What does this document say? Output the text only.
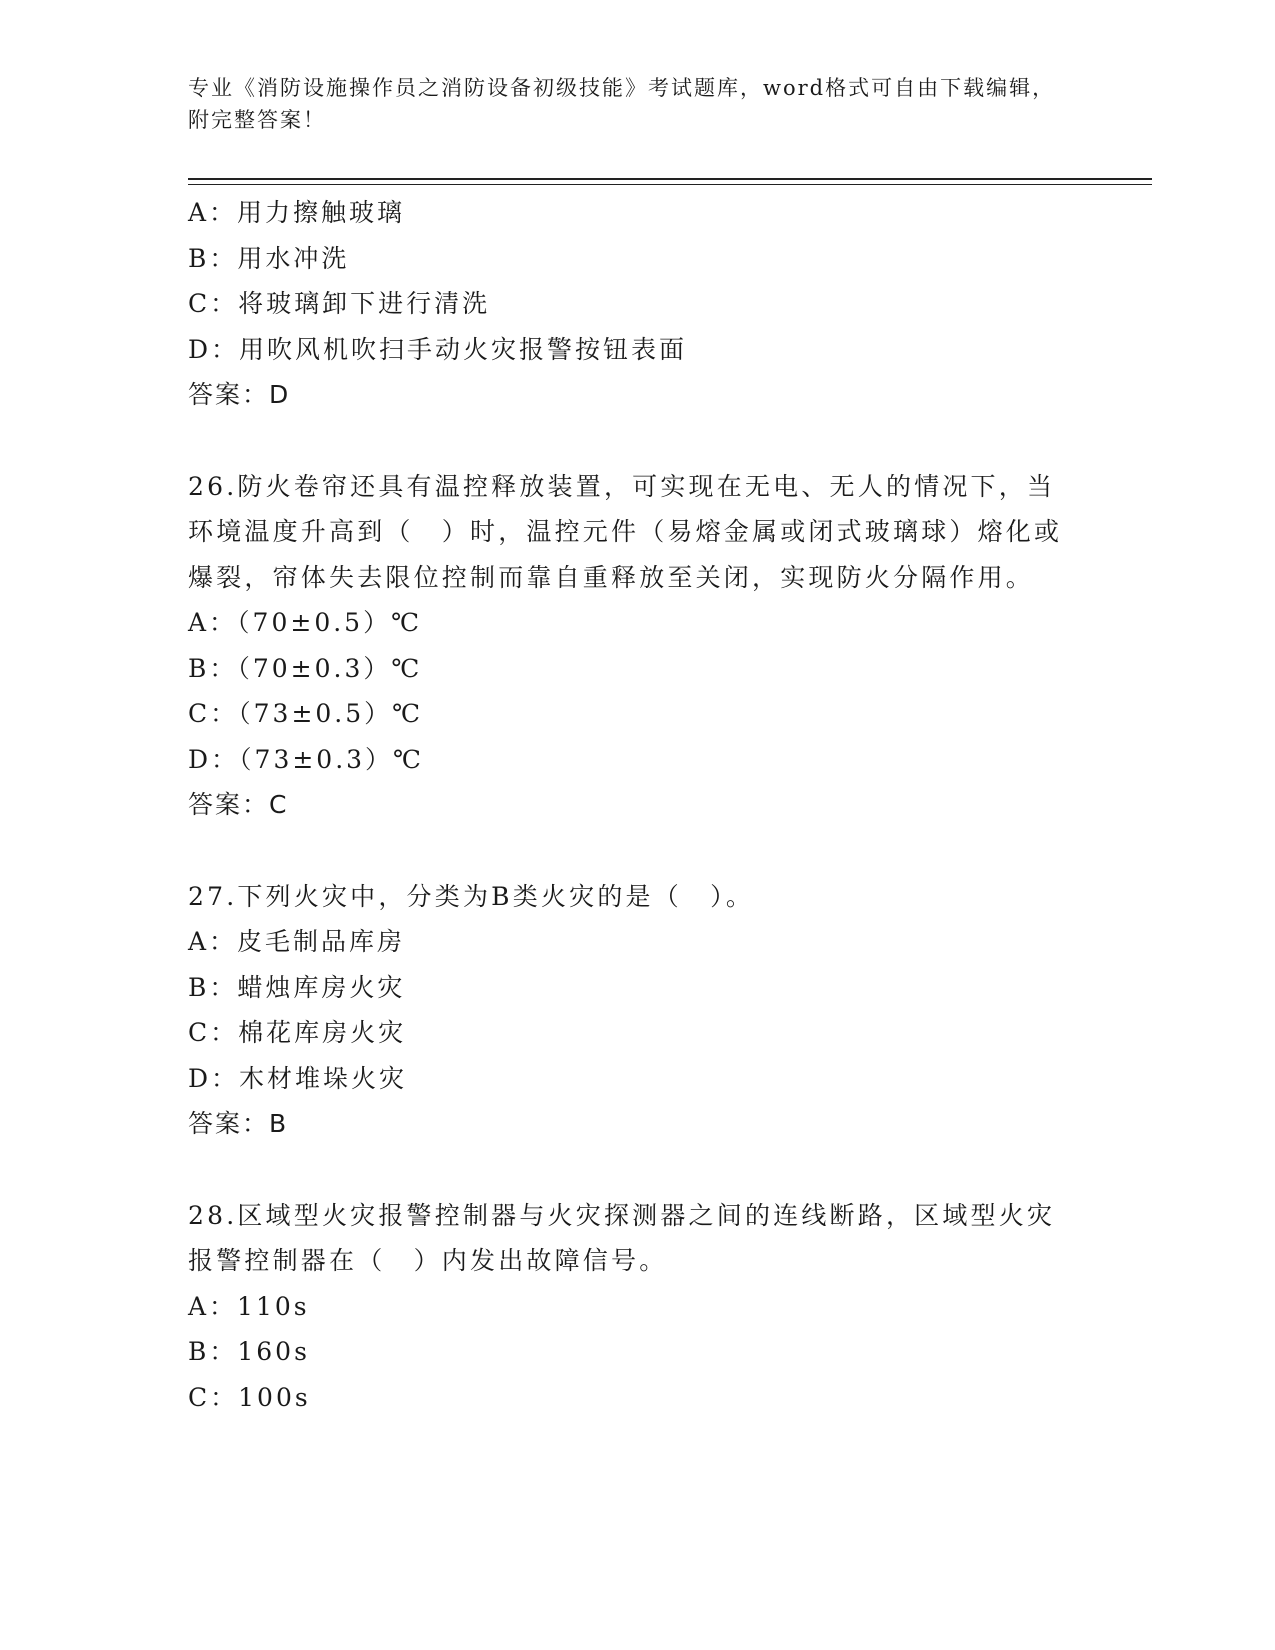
专业《消防设施操作员之消防设备初级技能》考试题库，word格式可自由下载编辑，附完整答案！
A：用力擦触玻璃
B：用水冲洗
C：将玻璃卸下进行清洗
D：用吹风机吹扫手动火灾报警按钮表面
答案：D
26.防火卷帘还具有温控释放装置，可实现在无电、无人的情况下，当环境温度升高到（　）时，温控元件（易熔金属或闭式玻璃球）熔化或爆裂，帘体失去限位控制而靠自重释放至关闭，实现防火分隔作用。
A：（70±0.5）℃
B：（70±0.3）℃
C：（73±0.5）℃
D：（73±0.3）℃
答案：C
27.下列火灾中，分类为B类火灾的是（　）。
A：皮毛制品库房
B：蜡烛库房火灾
C：棉花库房火灾
D：木材堆垛火灾
答案：B
28.区域型火灾报警控制器与火灾探测器之间的连线断路，区域型火灾报警控制器在（　）内发出故障信号。
A：110s
B：160s
C：100s
